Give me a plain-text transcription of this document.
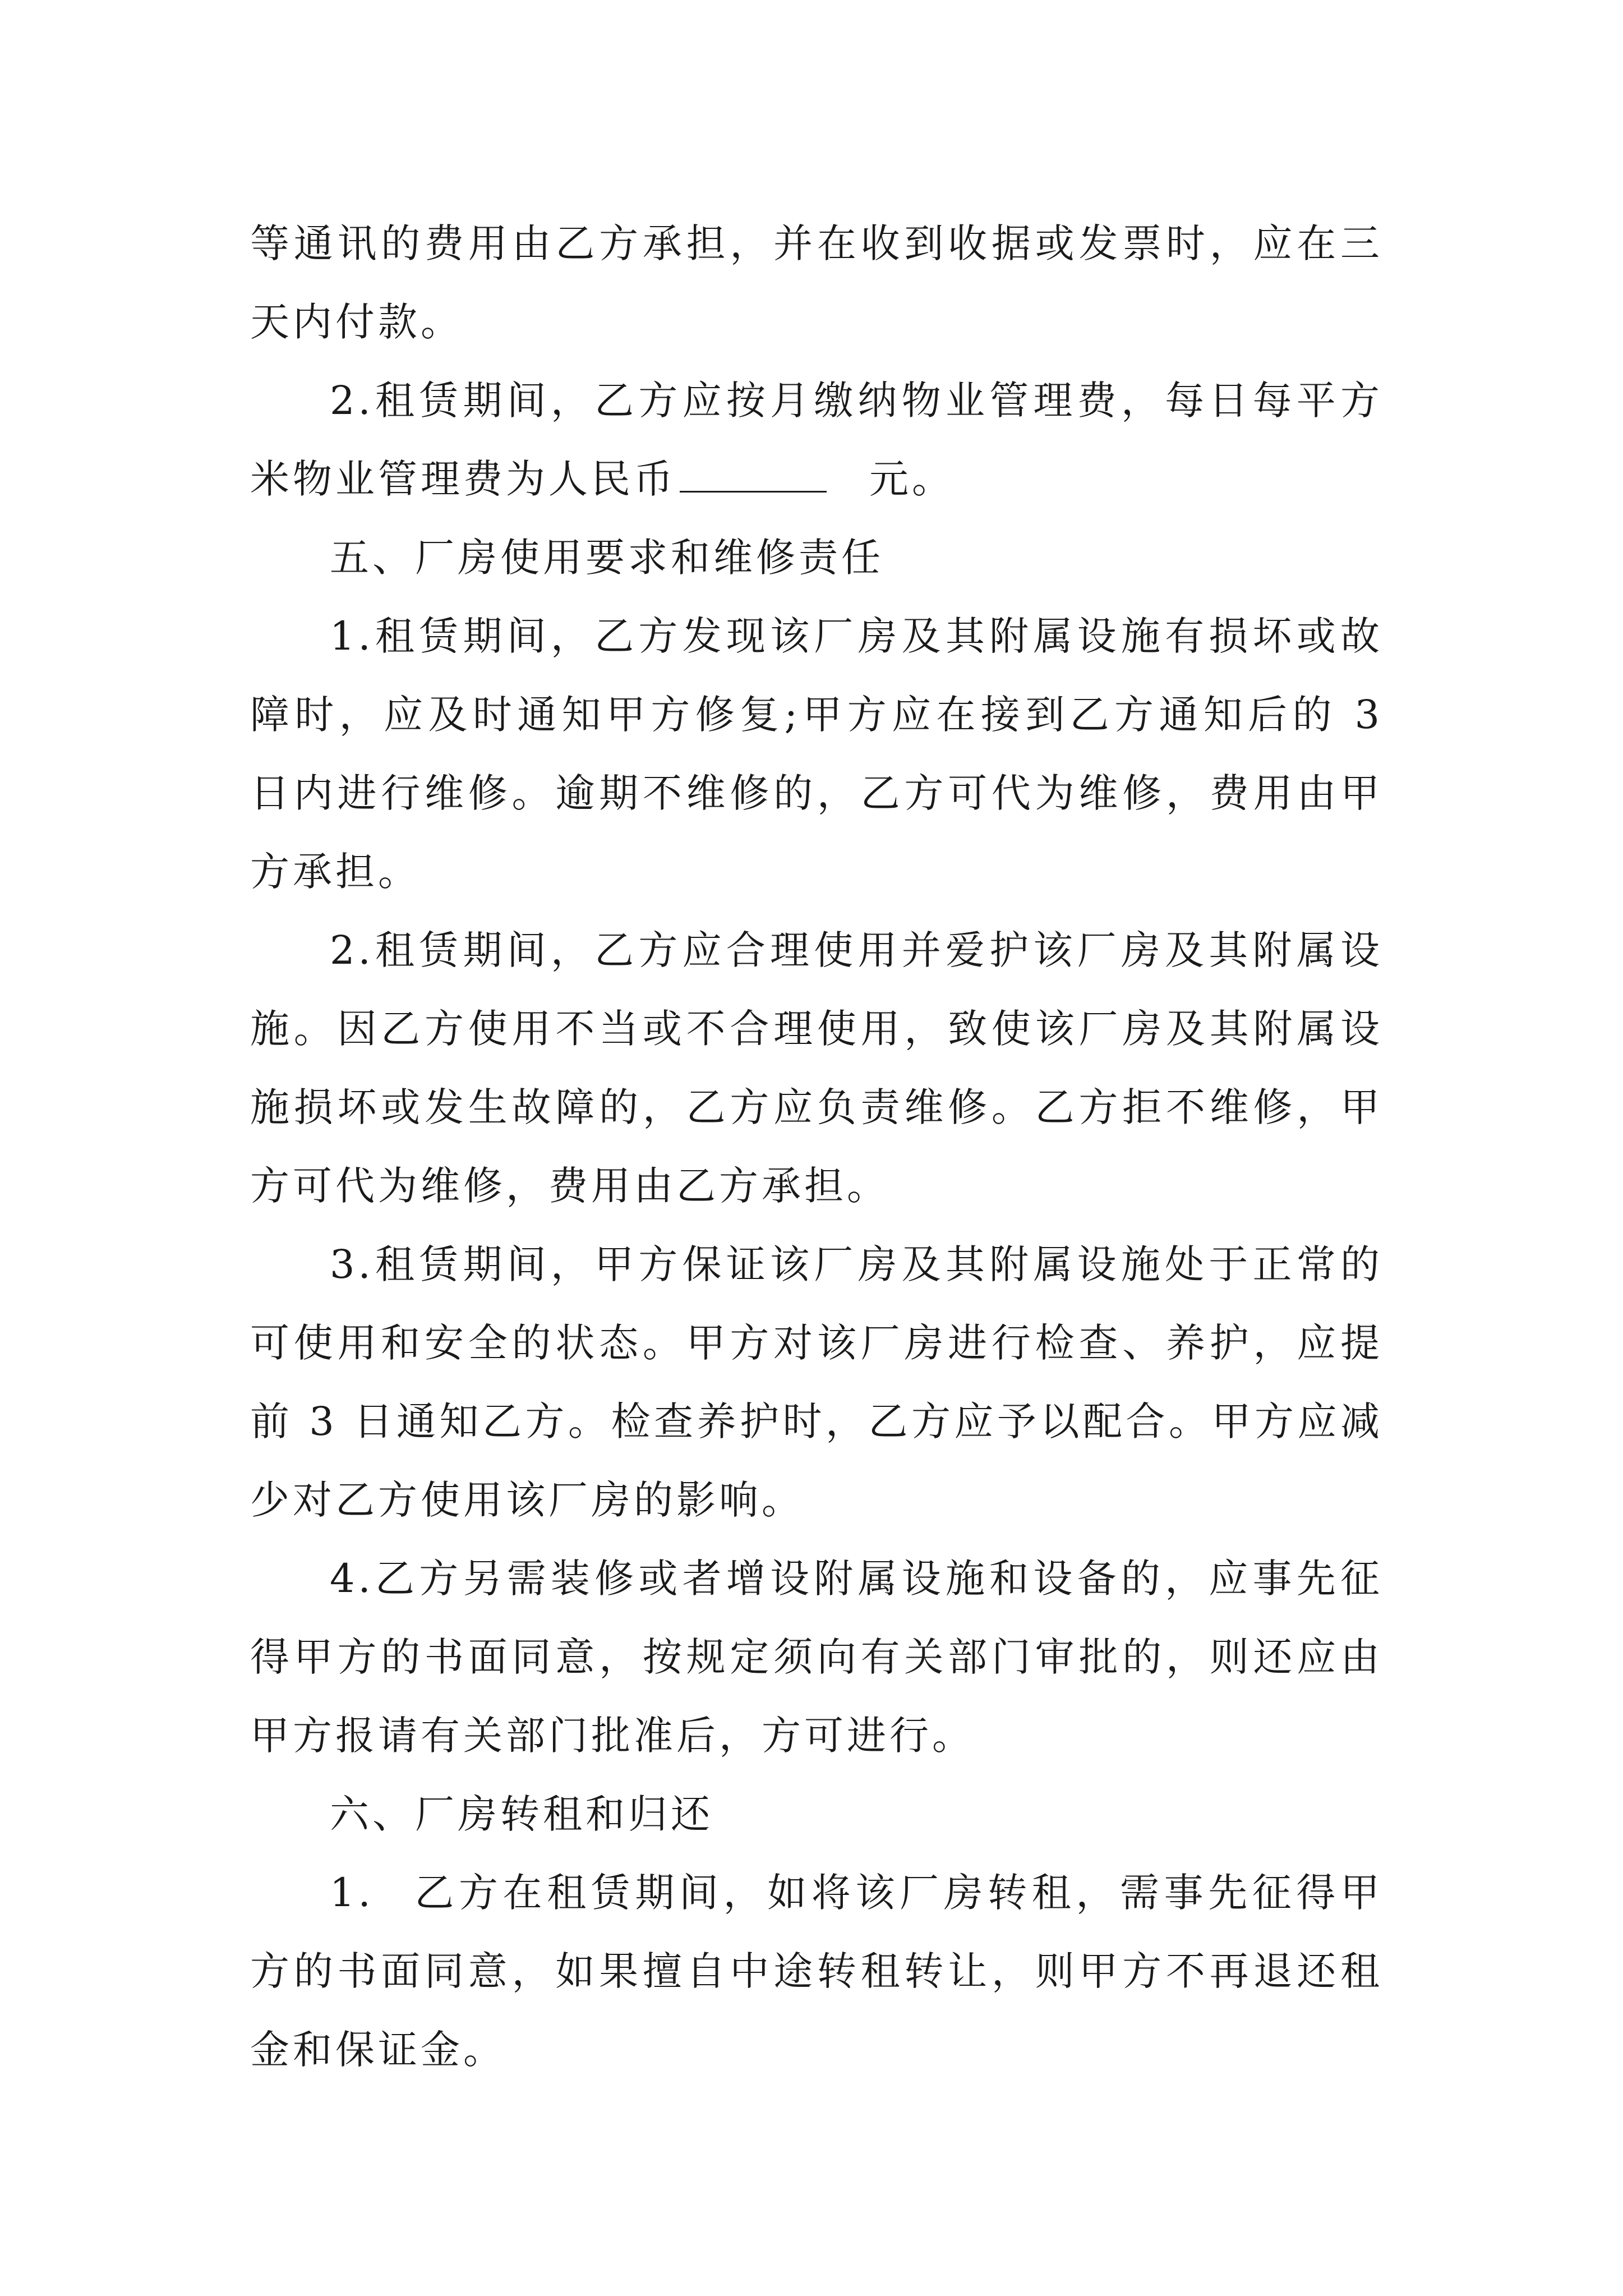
等通讯的费用由乙方承担，并在收到收据或发票时，应在三天内付款。

2.租赁期间，乙方应按月缴纳物业管理费，每日每平方米物业管理费为人民币	元。

五、厂房使用要求和维修责任

1.租赁期间，乙方发现该厂房及其附属设施有损坏或故障时，应及时通知甲方修复;甲方应在接到乙方通知后的 3 日内进行维修。逾期不维修的，乙方可代为维修，费用由甲方承担。

2.租赁期间，乙方应合理使用并爱护该厂房及其附属设施。因乙方使用不当或不合理使用，致使该厂房及其附属设施损坏或发生故障的，乙方应负责维修。乙方拒不维修，甲方可代为维修，费用由乙方承担。

3.租赁期间，甲方保证该厂房及其附属设施处于正常的可使用和安全的状态。甲方对该厂房进行检查、养护，应提前 3 日通知乙方。检查养护时，乙方应予以配合。甲方应减少对乙方使用该厂房的影响。

4.乙方另需装修或者增设附属设施和设备的，应事先征得甲方的书面同意，按规定须向有关部门审批的，则还应由甲方报请有关部门批准后，方可进行。

六、厂房转租和归还

1. 乙方在租赁期间，如将该厂房转租，需事先征得甲方的书面同意，如果擅自中途转租转让，则甲方不再退还租金和保证金。
